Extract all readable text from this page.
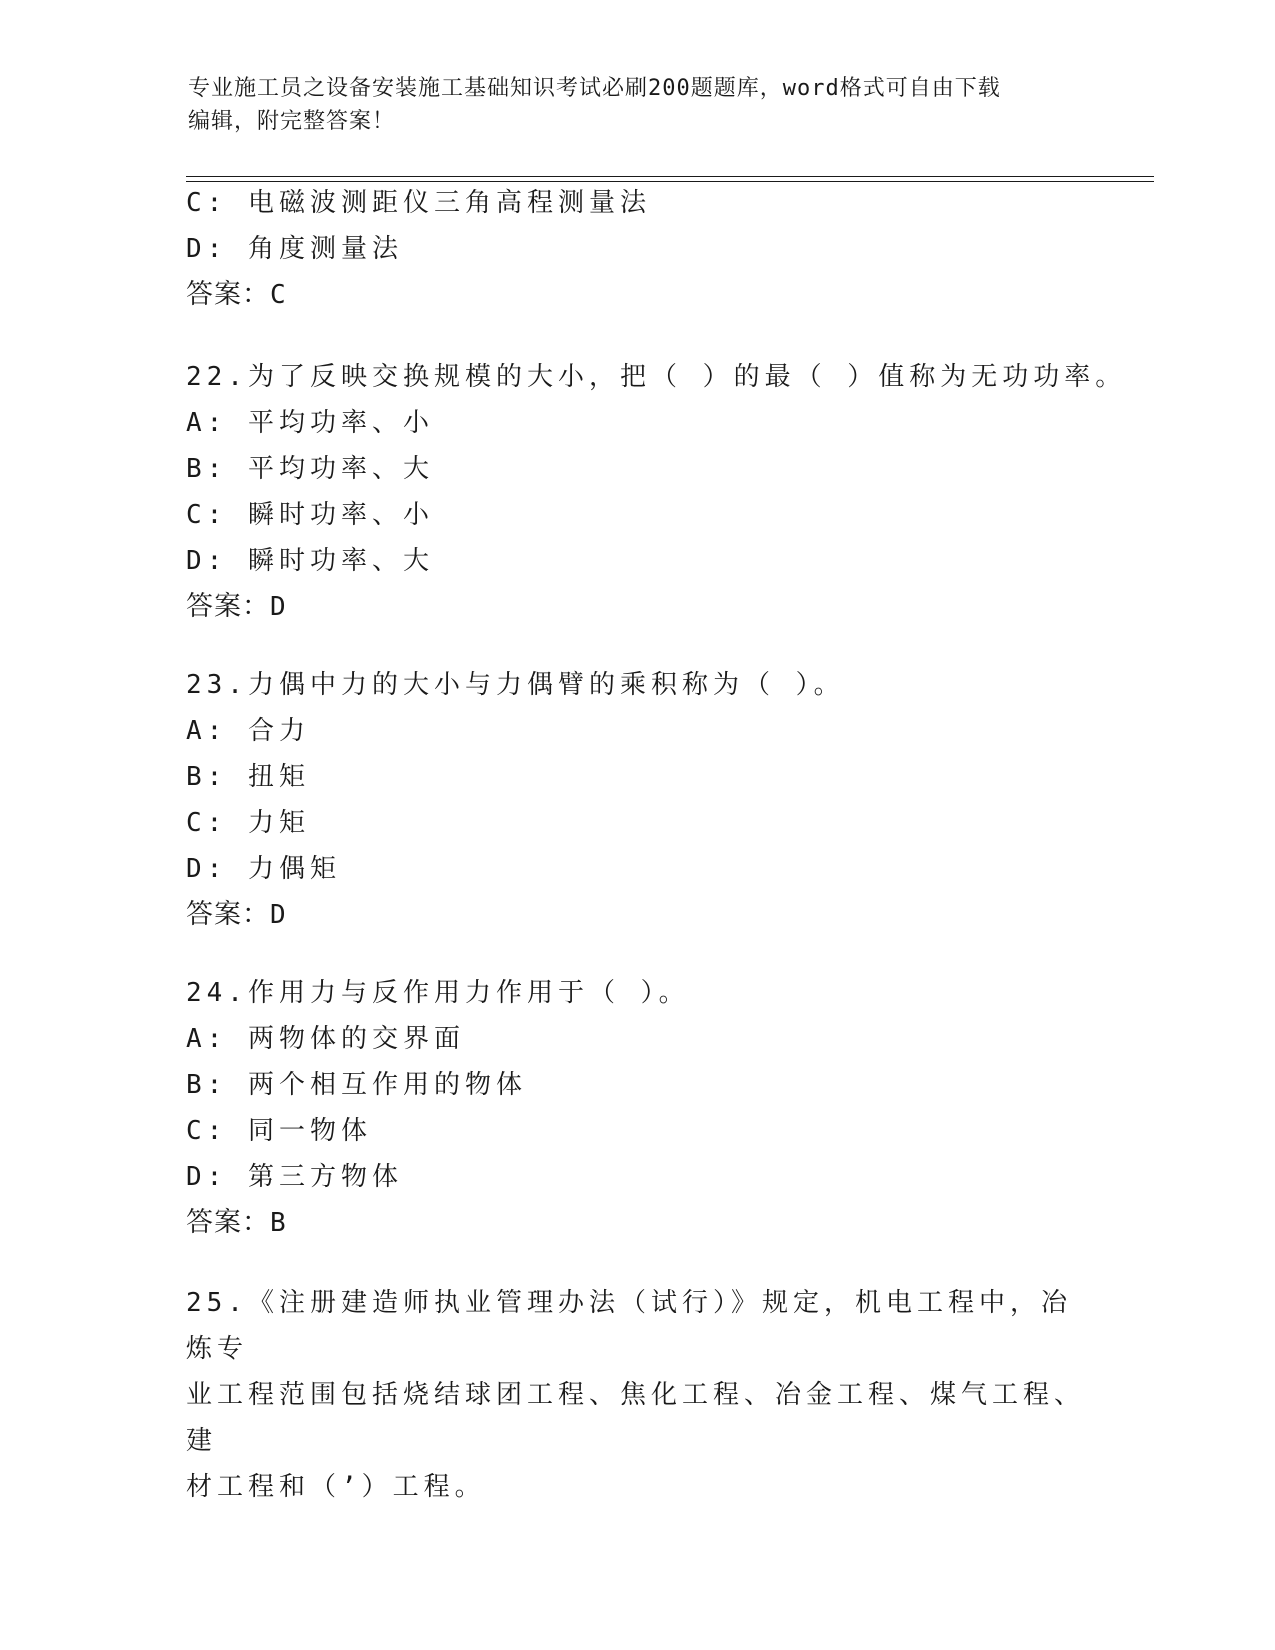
专业施工员之设备安装施工基础知识考试必刷200题题库，word格式可自由下载
编辑，附完整答案！
C: 电磁波测距仪三角高程测量法
D: 角度测量法
答案：C
22.为了反映交换规模的大小，把（ ）的最（ ）值称为无功功率。
A: 平均功率、小
B: 平均功率、大
C: 瞬时功率、小
D: 瞬时功率、大
答案：D
23.力偶中力的大小与力偶臂的乘积称为（ ）。
A: 合力
B: 扭矩
C: 力矩
D: 力偶矩
答案：D
24.作用力与反作用力作用于（ ）。
A: 两物体的交界面
B: 两个相互作用的物体
C: 同一物体
D: 第三方物体
答案：B
25.《注册建造师执业管理办法（试行）》规定，机电工程中，冶炼专
业工程范围包括烧结球团工程、焦化工程、冶金工程、煤气工程、建
材工程和（’）工程。
